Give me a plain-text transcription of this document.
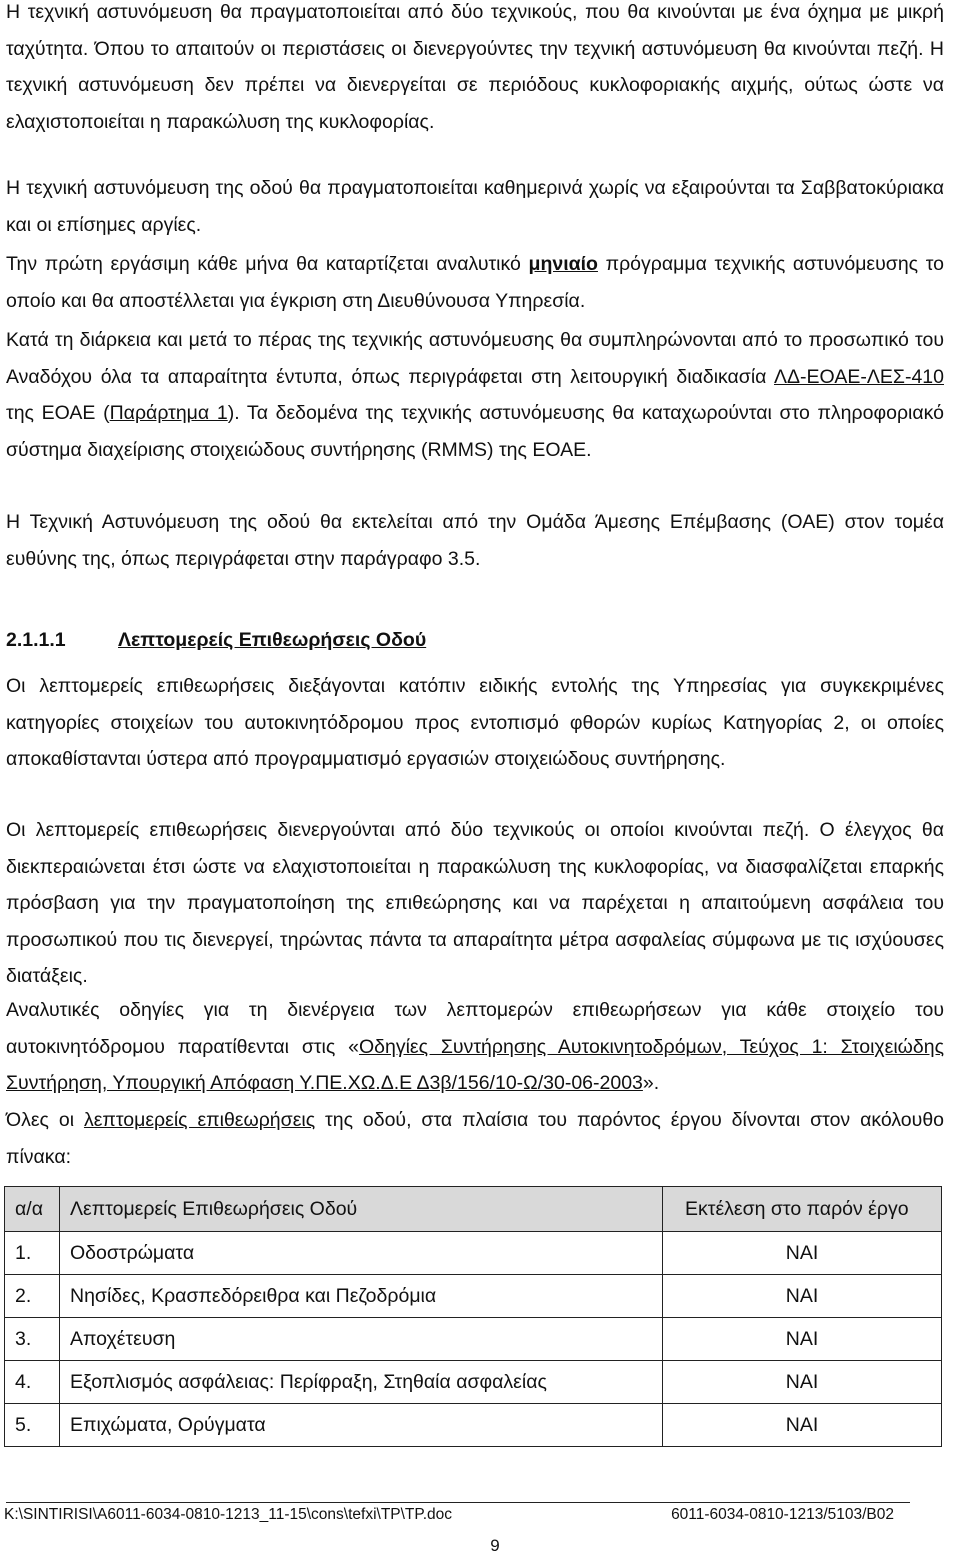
Η τεχνική αστυνόμευση θα πραγματοποιείται από δύο τεχνικούς, που θα κινούνται με ένα όχημα με μικρή ταχύτητα. Όπου το απαιτούν οι περιστάσεις οι διενεργούντες την τεχνική αστυνόμευση θα κινούνται πεζή. Η τεχνική αστυνόμευση δεν πρέπει να διενεργείται σε περιόδους κυκλοφοριακής αιχμής, ούτως ώστε να ελαχιστοποιείται η παρακώλυση της κυκλοφορίας.

Η τεχνική αστυνόμευση της οδού θα πραγματοποιείται καθημερινά χωρίς να εξαιρούνται τα Σαββατοκύριακα και οι επίσημες αργίες.

Την πρώτη εργάσιμη κάθε μήνα θα καταρτίζεται αναλυτικό μηνιαίο πρόγραμμα τεχνικής αστυνόμευσης το οποίο και θα αποστέλλεται για έγκριση στη Διευθύνουσα Υπηρεσία.

Κατά τη διάρκεια και μετά το πέρας της τεχνικής αστυνόμευσης θα συμπληρώνονται από το προσωπικό του Αναδόχου όλα τα απαραίτητα έντυπα, όπως περιγράφεται στη λειτουργική διαδικασία ΛΔ-ΕΟΑΕ-ΛΕΣ-410 της ΕΟΑΕ (Παράρτημα 1). Τα δεδομένα της τεχνικής αστυνόμευσης θα καταχωρούνται στο πληροφοριακό σύστημα διαχείρισης στοιχειώδους συντήρησης (RMMS) της ΕΟΑΕ.

Η Τεχνική Αστυνόμευση της οδού θα εκτελείται από την Ομάδα Άμεσης Επέμβασης (ΟΑΕ) στον τομέα ευθύνης της, όπως περιγράφεται στην παράγραφο 3.5.

2.1.1.1	Λεπτομερείς Επιθεωρήσεις Οδού

Οι λεπτομερείς επιθεωρήσεις διεξάγονται κατόπιν ειδικής εντολής της Υπηρεσίας για συγκεκριμένες κατηγορίες στοιχείων του αυτοκινητόδρομου προς εντοπισμό φθορών κυρίως Κατηγορίας 2, οι οποίες αποκαθίστανται ύστερα από προγραμματισμό εργασιών στοιχειώδους συντήρησης.

Οι λεπτομερείς επιθεωρήσεις διενεργούνται από δύο τεχνικούς οι οποίοι κινούνται πεζή. Ο έλεγχος θα διεκπεραιώνεται έτσι ώστε να ελαχιστοποιείται η παρακώλυση της κυκλοφορίας, να διασφαλίζεται επαρκής πρόσβαση για την πραγματοποίηση της επιθεώρησης και να παρέχεται η απαιτούμενη ασφάλεια του προσωπικού που τις διενεργεί, τηρώντας πάντα τα απαραίτητα μέτρα ασφαλείας σύμφωνα με τις ισχύουσες διατάξεις.

Αναλυτικές οδηγίες για τη διενέργεια των λεπτομερών επιθεωρήσεων για κάθε στοιχείο του αυτοκινητόδρομου παρατίθενται στις «Οδηγίες Συντήρησης Αυτοκινητοδρόμων, Τεύχος 1: Στοιχειώδης Συντήρηση, Υπουργική Απόφαση Υ.ΠΕ.ΧΩ.Δ.Ε Δ3β/156/10-Ω/30-06-2003».

Όλες οι λεπτομερείς επιθεωρήσεις της οδού, στα πλαίσια του παρόντος έργου δίνονται στον ακόλουθο πίνακα:

α/α	Λεπτομερείς Επιθεωρήσεις Οδού	Εκτέλεση στο παρόν έργο
1.	Οδοστρώματα	ΝΑΙ
2.	Νησίδες, Κρασπεδόρειθρα και Πεζοδρόμια	ΝΑΙ
3.	Αποχέτευση	ΝΑΙ
4.	Εξοπλισμός ασφάλειας: Περίφραξη, Στηθαία ασφαλείας	ΝΑΙ
5.	Επιχώματα, Ορύγματα	ΝΑΙ
K:\SINTIRISI\A6011-6034-0810-1213_11-15\cons\tefxi\TP\TP.doc	6011-6034-0810-1213/5103/B02
9
